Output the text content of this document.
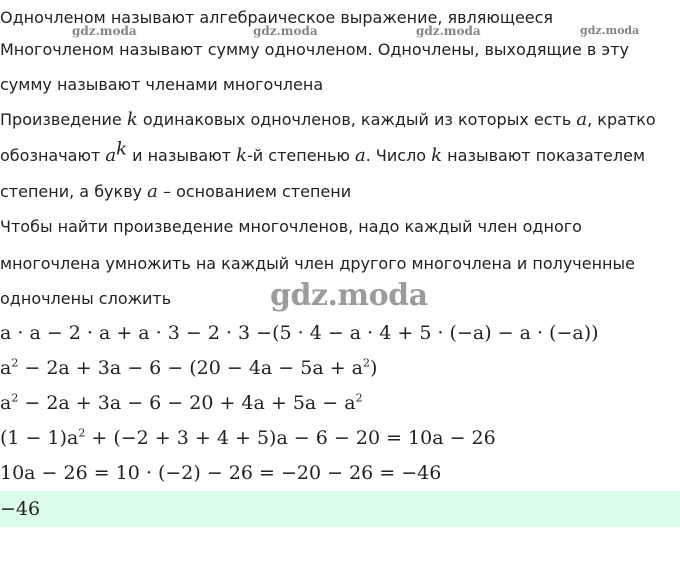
Одночленом называют алгебраическое выражение, являющееся
Многочленом называют сумму одночленом. Одночлены, выходящие в эту
сумму называют членами многочлена
Произведение k одинаковых одночленов, каждый из которых есть a, кратко
обозначают $a^k$ и называют k-й степенью a. Число k называют показателем
степени, а букву a – основанием степени
Чтобы найти произведение многочленов, надо каждый член одного
многочлена умножить на каждый член другого многочлена и полученные
одночлены сложить
a · a − 2 · a + a · 3 − 2 · 3 −(5 · 4 − a · 4 + 5 · (−a) − a · (−a))
$a^2 - 2a + 3a - 6 - (20 - 4a - 5a + a^2)$
$a^2 - 2a + 3a - 6 - 20 + 4a + 5a - a^2$
$(1 - 1)a^2 + (-2 + 3 + 4 + 5)a - 6 - 20 = 10a - 26$
10a − 26 = 10 · (−2) − 26 = −20 − 26 = −46
−46
gdz.moda	gdz.moda	gdz.moda	gdz.moda
gdz.moda
